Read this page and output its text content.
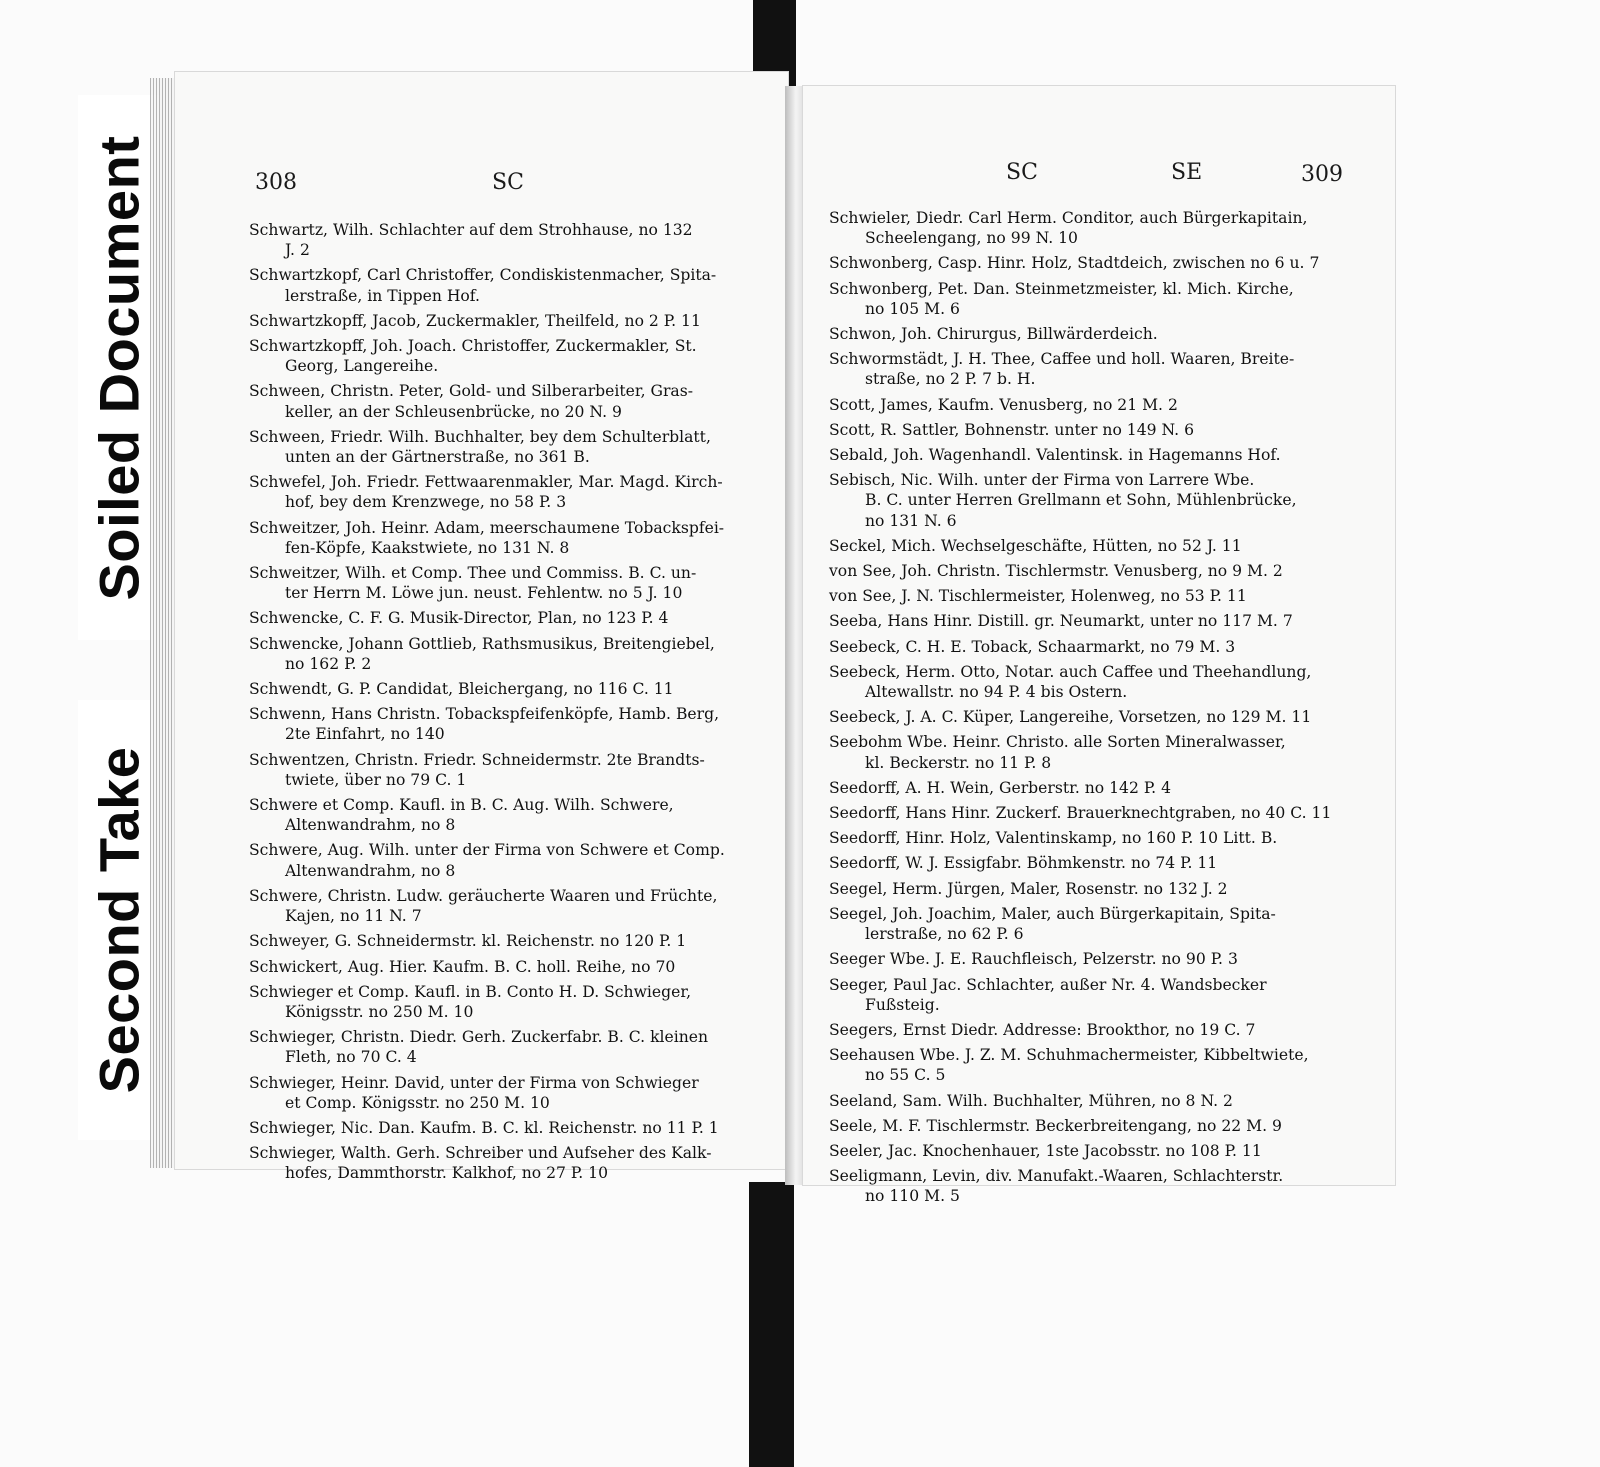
Soiled Document
Second Take
308	SC

Schwartz, Wilh. Schlachter auf dem Strohhause, no 132
J. 2

Schwartzkopf, Carl Christoffer, Condiskistenmacher, Spita-
lerstraße, in Tippen Hof.

Schwartzkopff, Jacob, Zuckermakler, Theilfeld, no 2 P. 11

Schwartzkopff, Joh. Joach. Christoffer, Zuckermakler, St.
Georg, Langereihe.

Schween, Christn. Peter, Gold- und Silberarbeiter, Gras-
keller, an der Schleusenbrücke, no 20 N. 9

Schween, Friedr. Wilh. Buchhalter, bey dem Schulterblatt,
unten an der Gärtnerstraße, no 361 B.

Schwefel, Joh. Friedr. Fettwaarenmakler, Mar. Magd. Kirch-
hof, bey dem Krenzwege, no 58 P. 3

Schweitzer, Joh. Heinr. Adam, meerschaumene Tobackspfei-
fen-Köpfe, Kaakstwiete, no 131 N. 8

Schweitzer, Wilh. et Comp. Thee und Commiss. B. C. un-
ter Herrn M. Löwe jun. neust. Fehlentw. no 5 J. 10

Schwencke, C. F. G. Musik-Director, Plan, no 123 P. 4

Schwencke, Johann Gottlieb, Rathsmusikus, Breitengiebel,
no 162 P. 2

Schwendt, G. P. Candidat, Bleichergang, no 116 C. 11

Schwenn, Hans Christn. Tobackspfeifenköpfe, Hamb. Berg,
2te Einfahrt, no 140

Schwentzen, Christn. Friedr. Schneidermstr. 2te Brandts-
twiete, über no 79 C. 1

Schwere et Comp. Kaufl. in B. C. Aug. Wilh. Schwere,
Altenwandrahm, no 8

Schwere, Aug. Wilh. unter der Firma von Schwere et Comp.
Altenwandrahm, no 8

Schwere, Christn. Ludw. geräucherte Waaren und Früchte,
Kajen, no 11 N. 7

Schweyer, G. Schneidermstr. kl. Reichenstr. no 120 P. 1

Schwickert, Aug. Hier. Kaufm. B. C. holl. Reihe, no 70

Schwieger et Comp. Kaufl. in B. Conto H. D. Schwieger,
Königsstr. no 250 M. 10

Schwieger, Christn. Diedr. Gerh. Zuckerfabr. B. C. kleinen
Fleth, no 70 C. 4

Schwieger, Heinr. David, unter der Firma von Schwieger
et Comp. Königsstr. no 250 M. 10

Schwieger, Nic. Dan. Kaufm. B. C. kl. Reichenstr. no 11 P. 1

Schwieger, Walth. Gerh. Schreiber und Aufseher des Kalk-
hofes, Dammthorstr. Kalkhof, no 27 P. 10

SC	SE	309

Schwieler, Diedr. Carl Herm. Conditor, auch Bürgerkapitain,
Scheelengang, no 99 N. 10

Schwonberg, Casp. Hinr. Holz, Stadtdeich, zwischen no 6 u. 7

Schwonberg, Pet. Dan. Steinmetzmeister, kl. Mich. Kirche,
no 105 M. 6

Schwon, Joh. Chirurgus, Billwärderdeich.

Schwormstädt, J. H. Thee, Caffee und holl. Waaren, Breite-
straße, no 2 P. 7 b. H.

Scott, James, Kaufm. Venusberg, no 21 M. 2

Scott, R. Sattler, Bohnenstr. unter no 149 N. 6

Sebald, Joh. Wagenhandl. Valentinsk. in Hagemanns Hof.

Sebisch, Nic. Wilh. unter der Firma von Larrere Wbe.
B. C. unter Herren Grellmann et Sohn, Mühlenbrücke,
no 131 N. 6

Seckel, Mich. Wechselgeschäfte, Hütten, no 52 J. 11

von See, Joh. Christn. Tischlermstr. Venusberg, no 9 M. 2

von See, J. N. Tischlermeister, Holenweg, no 53 P. 11

Seeba, Hans Hinr. Distill. gr. Neumarkt, unter no 117 M. 7

Seebeck, C. H. E. Toback, Schaarmarkt, no 79 M. 3

Seebeck, Herm. Otto, Notar. auch Caffee und Theehandlung,
Altewallstr. no 94 P. 4 bis Ostern.

Seebeck, J. A. C. Küper, Langereihe, Vorsetzen, no 129 M. 11

Seebohm Wbe. Heinr. Christo. alle Sorten Mineralwasser,
kl. Beckerstr. no 11 P. 8

Seedorff, A. H. Wein, Gerberstr. no 142 P. 4

Seedorff, Hans Hinr. Zuckerf. Brauerknechtgraben, no 40 C. 11

Seedorff, Hinr. Holz, Valentinskamp, no 160 P. 10 Litt. B.

Seedorff, W. J. Essigfabr. Böhmkenstr. no 74 P. 11

Seegel, Herm. Jürgen, Maler, Rosenstr. no 132 J. 2

Seegel, Joh. Joachim, Maler, auch Bürgerkapitain, Spita-
lerstraße, no 62 P. 6

Seeger Wbe. J. E. Rauchfleisch, Pelzerstr. no 90 P. 3

Seeger, Paul Jac. Schlachter, außer Nr. 4. Wandsbecker
Fußsteig.

Seegers, Ernst Diedr. Addresse: Brookthor, no 19 C. 7

Seehausen Wbe. J. Z. M. Schuhmachermeister, Kibbeltwiete,
no 55 C. 5

Seeland, Sam. Wilh. Buchhalter, Mühren, no 8 N. 2

Seele, M. F. Tischlermstr. Beckerbreitengang, no 22 M. 9

Seeler, Jac. Knochenhauer, 1ste Jacobsstr. no 108 P. 11

Seeligmann, Levin, div. Manufakt.-Waaren, Schlachterstr.
no 110 M. 5
